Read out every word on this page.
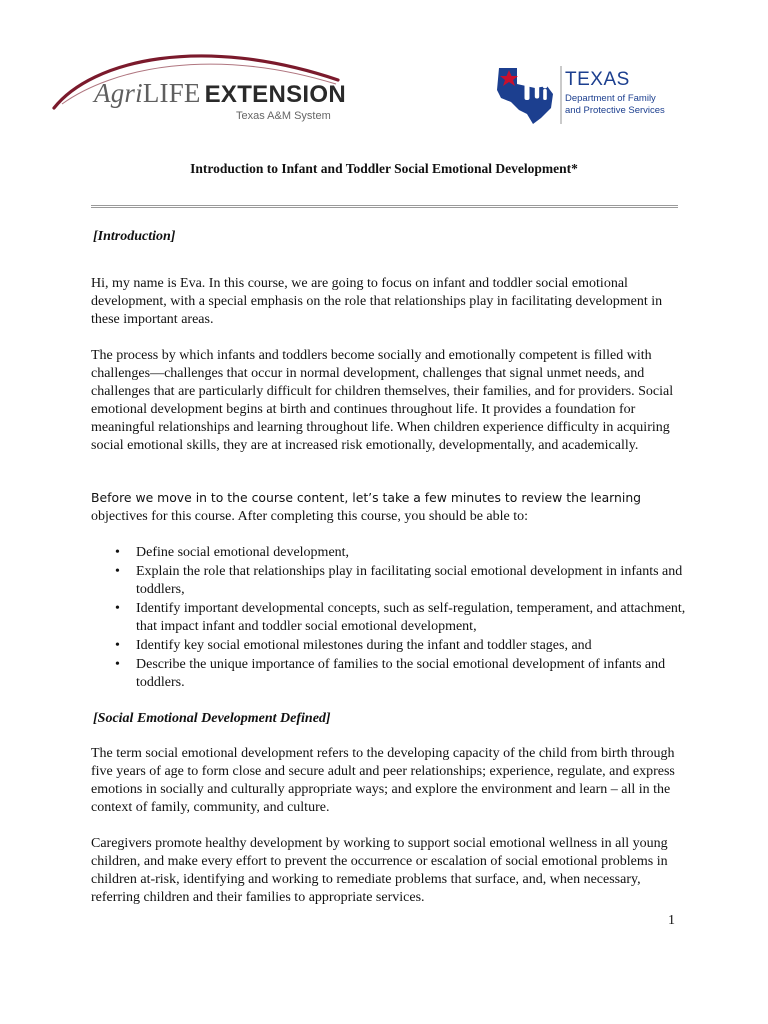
AgriLIFE EXTENSION
Texas A&M System
TEXAS
Department of Family
and Protective Services
Introduction to Infant and Toddler Social Emotional Development*
[Introduction]
Hi, my name is Eva. In this course, we are going to focus on infant and toddler social emotional development, with a special emphasis on the role that relationships play in facilitating development in these important areas.
The process by which infants and toddlers become socially and emotionally competent is filled with challenges—challenges that occur in normal development, challenges that signal unmet needs, and challenges that are particularly difficult for children themselves, their families, and for providers. Social emotional development begins at birth and continues throughout life. It provides a foundation for meaningful relationships and learning throughout life. When children experience difficulty in acquiring social emotional skills, they are at increased risk emotionally, developmentally, and academically.
Before we move in to the course content, let’s take a few minutes to review the learning
objectives for this course. After completing this course, you should be able to:
• Define social emotional development,
• Explain the role that relationships play in facilitating social emotional development in infants and toddlers,
• Identify important developmental concepts, such as self-regulation, temperament, and attachment, that impact infant and toddler social emotional development,
• Identify key social emotional milestones during the infant and toddler stages, and
• Describe the unique importance of families to the social emotional development of infants and toddlers.
[Social Emotional Development Defined]
The term social emotional development refers to the developing capacity of the child from birth through five years of age to form close and secure adult and peer relationships; experience, regulate, and express emotions in socially and culturally appropriate ways; and explore the environment and learn – all in the context of family, community, and culture.
Caregivers promote healthy development by working to support social emotional wellness in all young children, and make every effort to prevent the occurrence or escalation of social emotional problems in children at-risk, identifying and working to remediate problems that surface, and, when necessary, referring children and their families to appropriate services.
1
